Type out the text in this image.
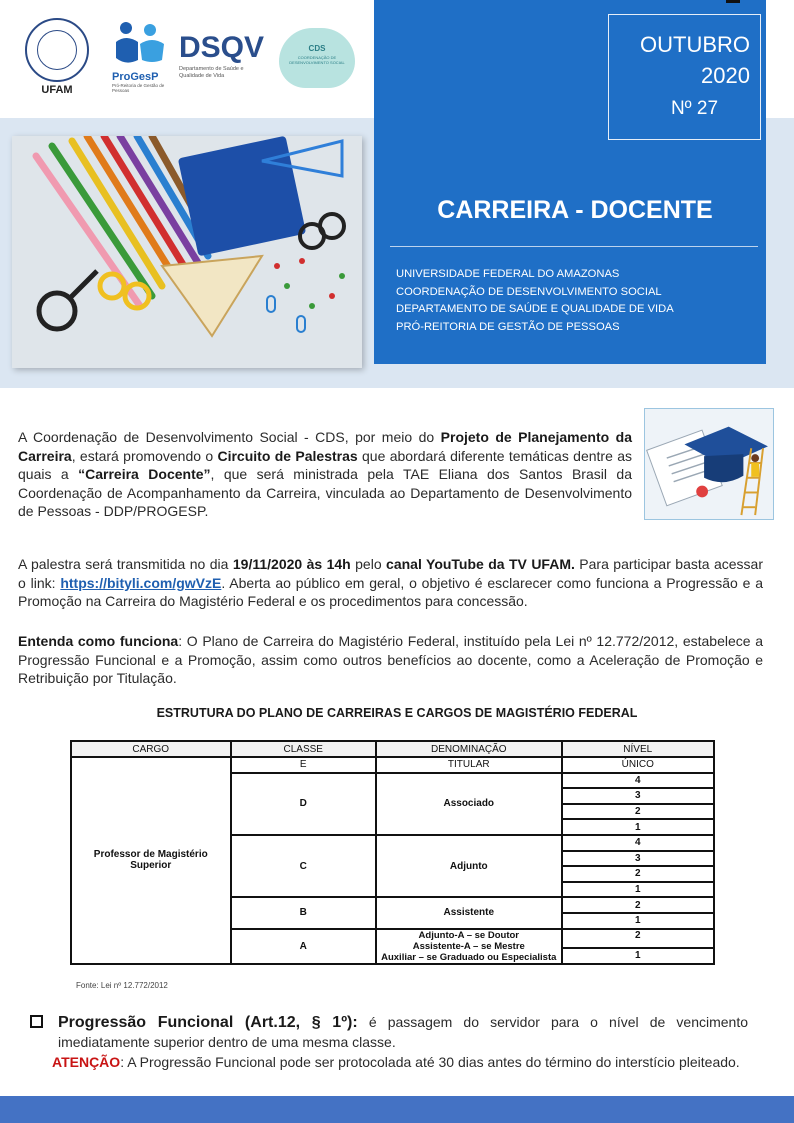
UFAM
ProGesP
Pró-Reitoria de Gestão de Pessoas
DSQV
Departamento de Saúde e Qualidade de Vida
CDS
COORDENAÇÃO DE DESENVOLVIMENTO SOCIAL
OUTUBRO
2020
Nº 27
CARREIRA - DOCENTE
UNIVERSIDADE FEDERAL DO AMAZONAS
COORDENAÇÃO DE DESENVOLVIMENTO SOCIAL
DEPARTAMENTO DE SAÚDE E QUALIDADE DE VIDA
PRÓ-REITORIA DE GESTÃO DE PESSOAS
A Coordenação de Desenvolvimento Social - CDS, por meio do Projeto de Planejamento da Carreira, estará promovendo o Circuito de Palestras que abordará diferente temáticas dentre as quais a “Carreira Docente”, que será ministrada pela TAE Eliana dos Santos Brasil da Coordenação de Acompanhamento da Carreira, vinculada ao Departamento de Desenvolvimento de Pessoas - DDP/PROGESP.
A palestra será transmitida no dia 19/11/2020 às 14h pelo canal YouTube da TV UFAM. Para participar basta acessar o link: https://bityli.com/gwVzE. Aberta ao público em geral, o objetivo é esclarecer como funciona a Progressão e a Promoção na Carreira do Magistério Federal e os procedimentos para concessão.
Entenda como funciona: O Plano de Carreira do Magistério Federal, instituído pela Lei nº 12.772/2012, estabelece a Progressão Funcional e a Promoção, assim como outros benefícios ao docente, como a Aceleração de Promoção e Retribuição por Titulação.
ESTRUTURA DO PLANO DE CARREIRAS E CARGOS DE MAGISTÉRIO FEDERAL
CARGO	CLASSE	DENOMINAÇÃO	NÍVEL
Professor de Magistério Superior	E	TITULAR	ÚNICO
	D	Associado	4
			3
			2
			1
	C	Adjunto	4
			3
			2
			1
	B	Assistente	2
			1
	A	Adjunto-A – se Doutor
Assistente-A – se Mestre
Auxiliar – se Graduado ou Especialista	2

			1
Fonte: Lei nº 12.772/2012
Progressão Funcional (Art.12, § 1º): é passagem do servidor para o nível de vencimento imediatamente superior dentro de uma mesma classe.
ATENÇÃO: A Progressão Funcional pode ser protocolada até 30 dias antes do término do interstício pleiteado.
